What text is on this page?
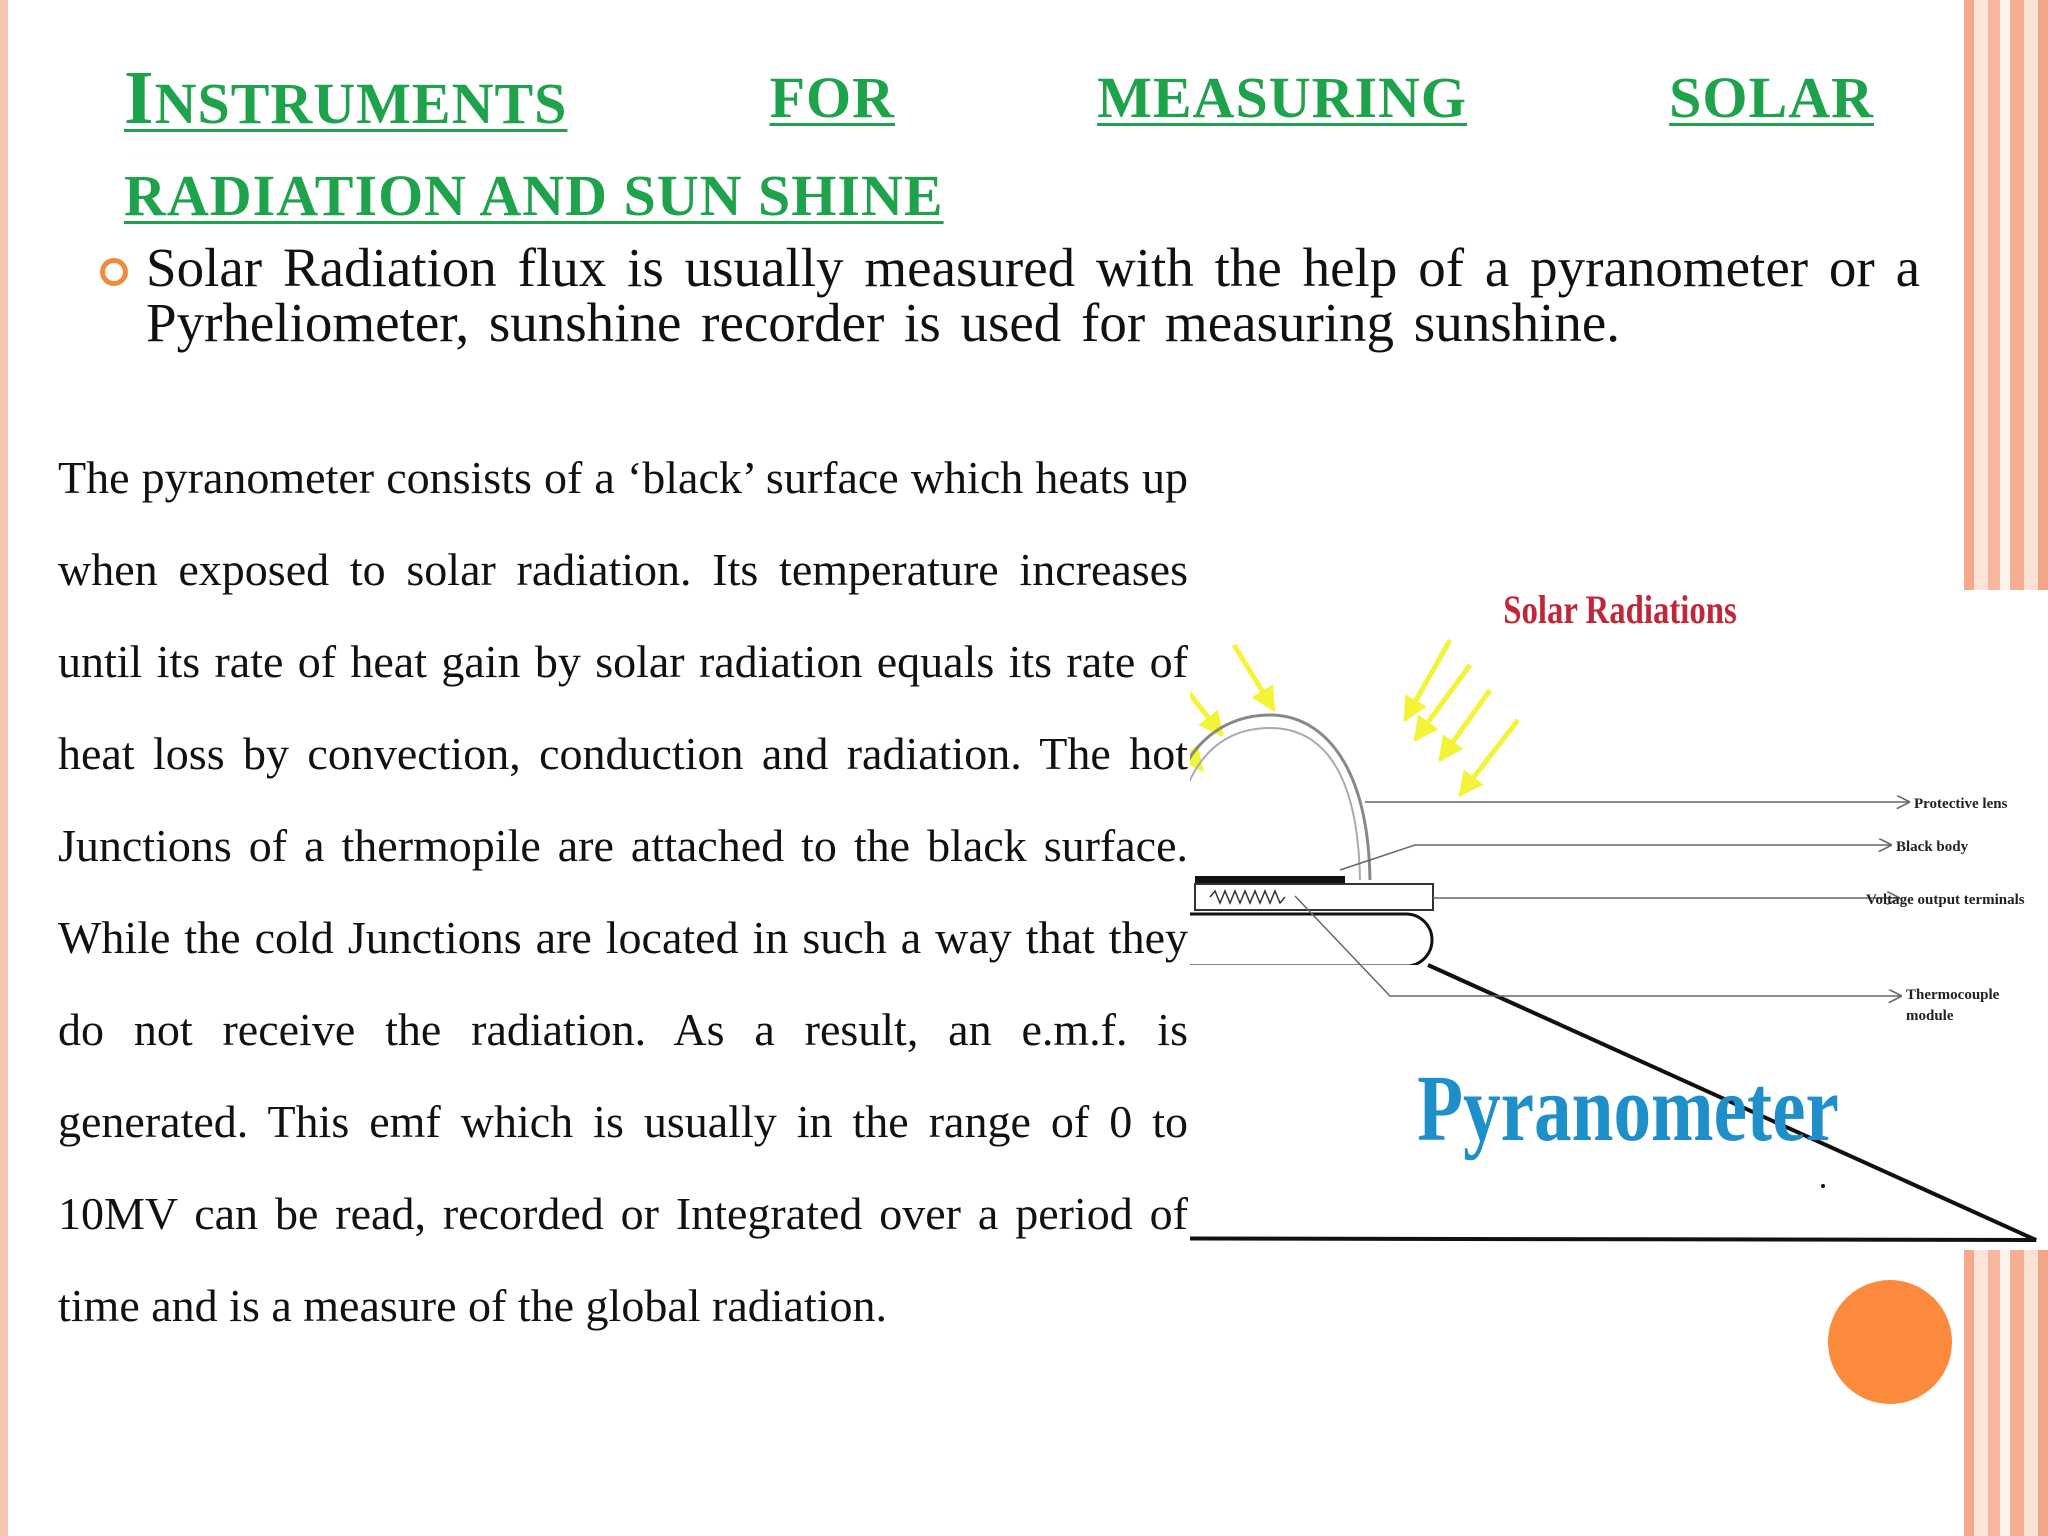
INSTRUMENTS	FOR	MEASURING	SOLAR
RADIATION AND SUN SHINE
Solar Radiation flux is usually measured with the help of a pyranometer or a Pyrheliometer, sunshine recorder is used for measuring sunshine.
The pyranometer consists of a ‘black’ surface which heats up when exposed to solar radiation. Its temperature increases until its rate of heat gain by solar radiation equals its rate of heat loss by convection, conduction and radiation. The hot Junctions of a thermopile are attached to the black surface. While the cold Junctions are located in such a way that they do not receive the radiation. As a result, an e.m.f. is generated. This emf which is usually in the range of 0 to 10MV can be read, recorded or Integrated over a period of time and is a measure of the global radiation.
Solar Radiations
Protective lens
Black body
Voltage output terminals
Thermocouple
module
Pyranometer
